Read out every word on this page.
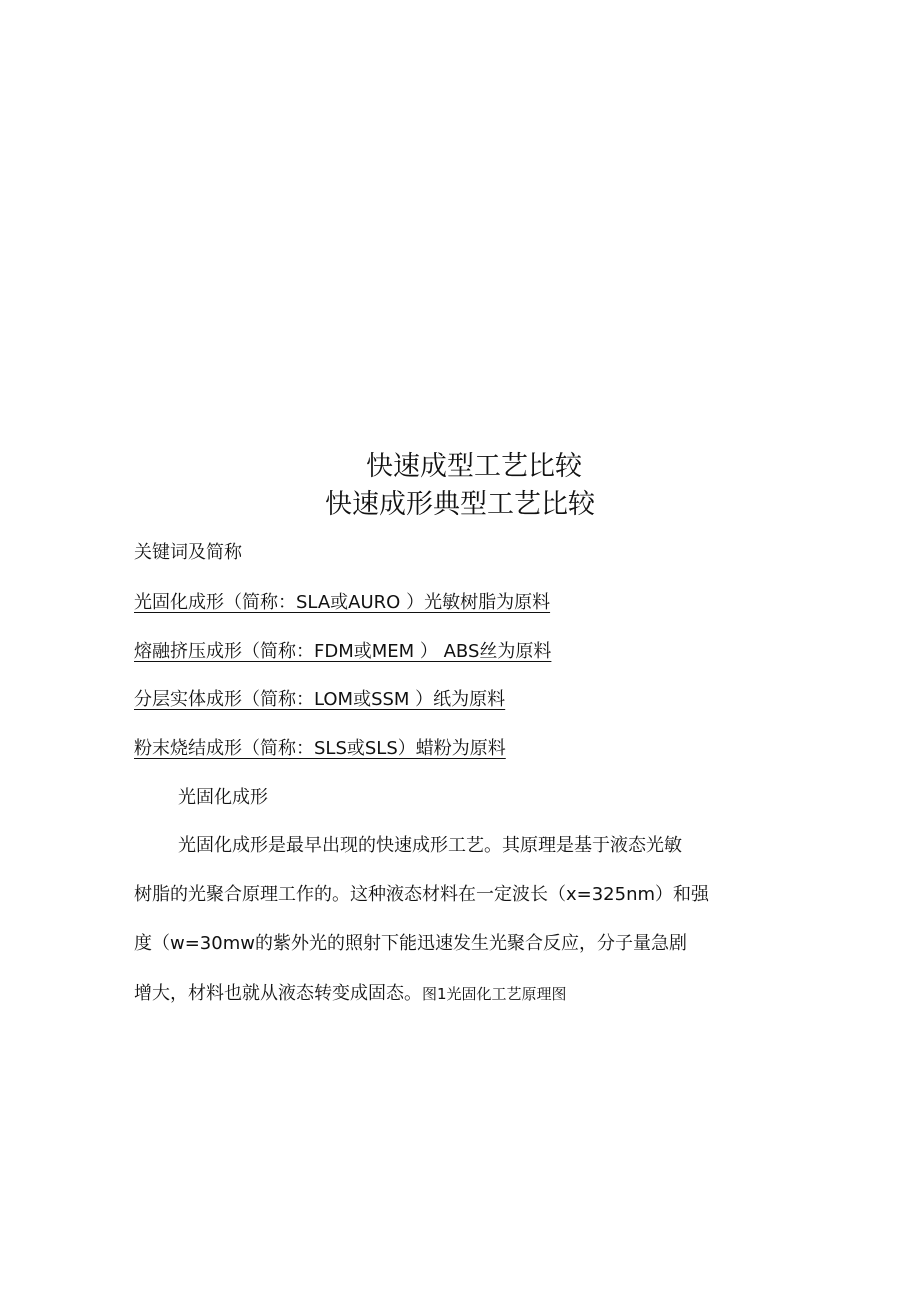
快速成型工艺比较
快速成形典型工艺比较
关键词及简称
光固化成形（简称：SLA或AURO ）光敏树脂为原料
熔融挤压成形（简称：FDM或MEM ） ABS丝为原料
分层实体成形（简称：LOM或SSM ）纸为原料
粉末烧结成形（简称：SLS或SLS）蜡粉为原料
光固化成形
光固化成形是最早出现的快速成形工艺。其原理是基于液态光敏
树脂的光聚合原理工作的。这种液态材料在一定波长（x=325nm）和强
度（w=30mw的紫外光的照射下能迅速发生光聚合反应，分子量急剧
增大，材料也就从液态转变成固态。图1光固化工艺原理图
